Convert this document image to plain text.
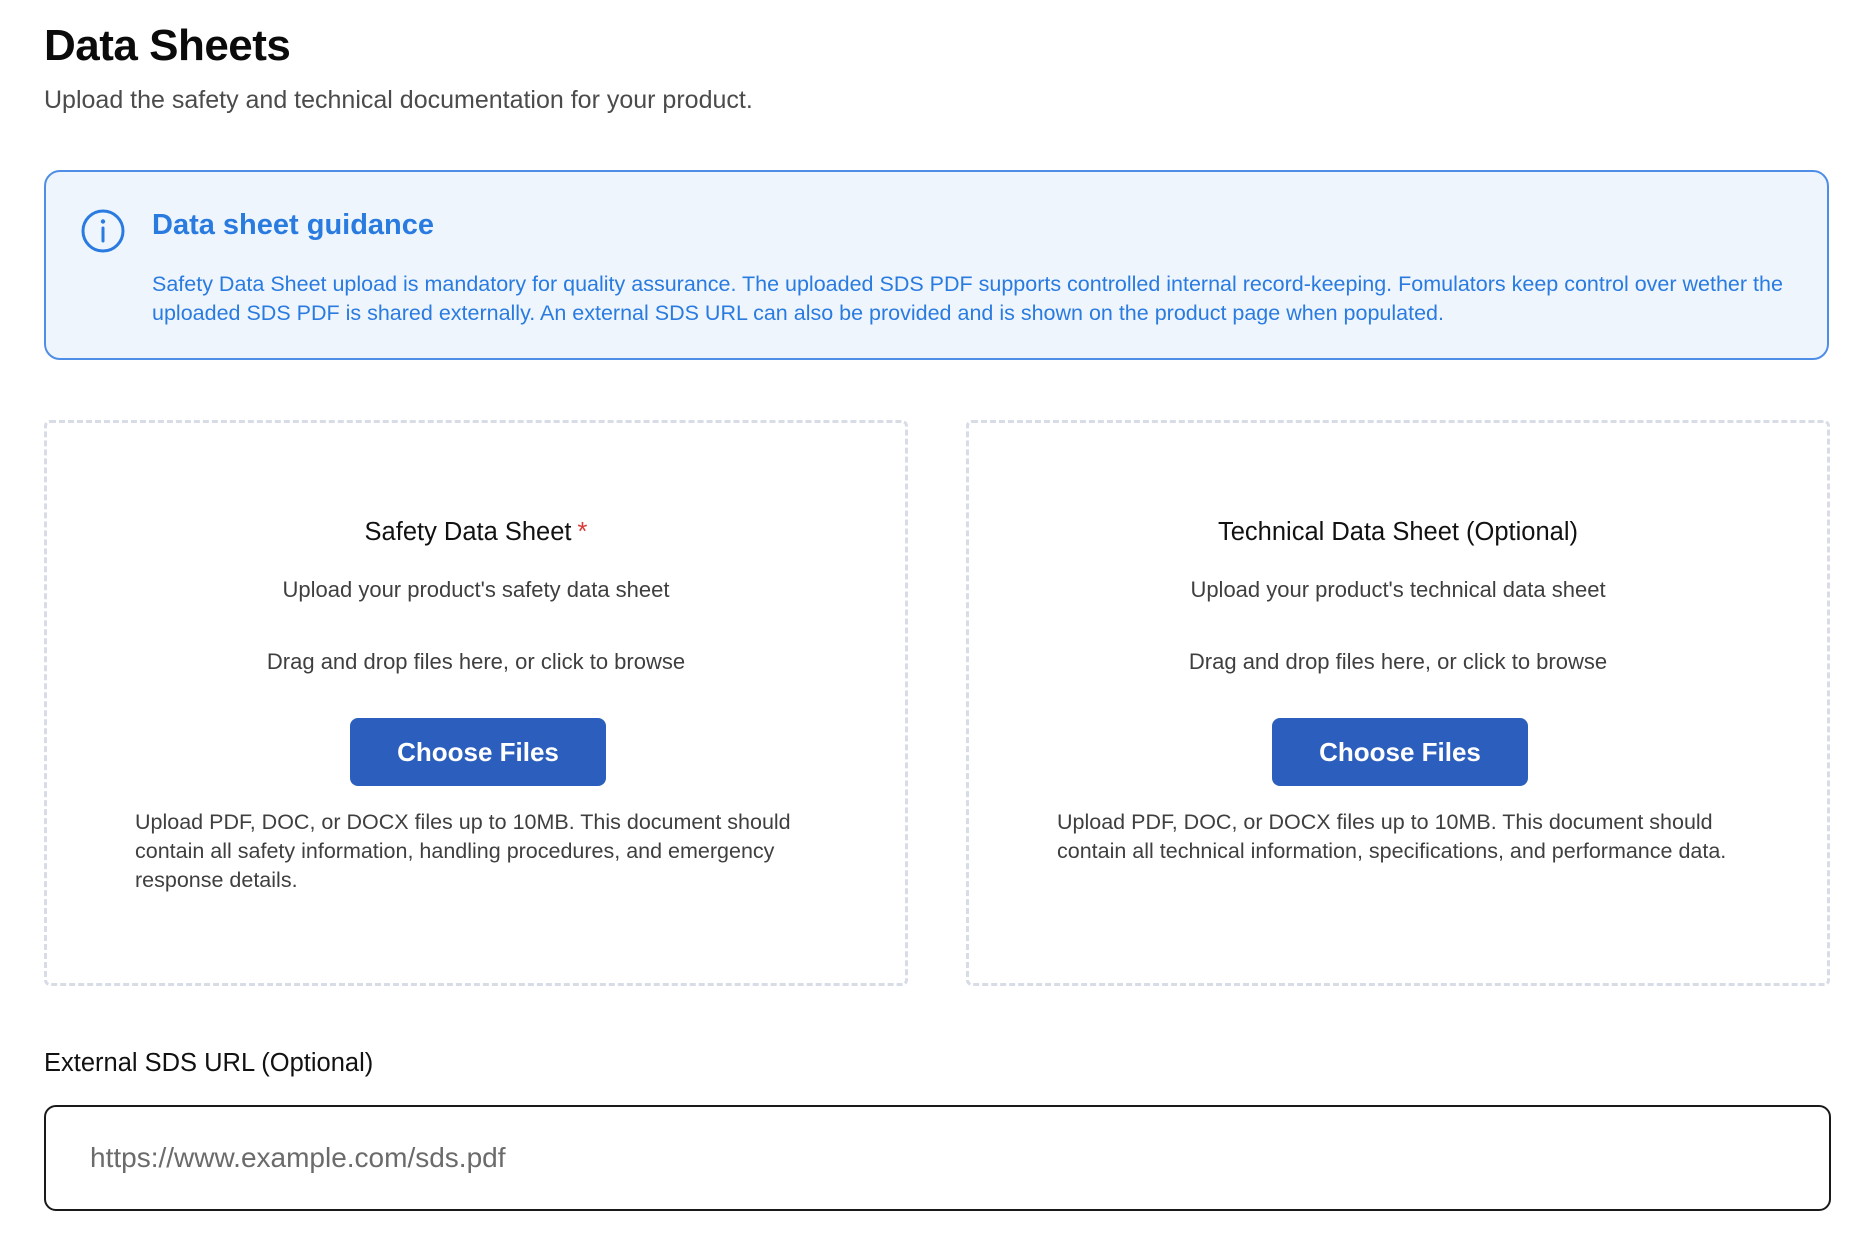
Data Sheets
Upload the safety and technical documentation for your product.
Data sheet guidance
Safety Data Sheet upload is mandatory for quality assurance. The uploaded SDS PDF supports controlled internal record-keeping. Fomulators keep control over wether the uploaded SDS PDF is shared externally. An external SDS URL can also be provided and is shown on the product page when populated.
Safety Data Sheet *
Upload your product's safety data sheet
Drag and drop files here, or click to browse
Choose Files
Upload PDF, DOC, or DOCX files up to 10MB. This document should contain all safety information, handling procedures, and emergency response details.
Technical Data Sheet (Optional)
Upload your product's technical data sheet
Drag and drop files here, or click to browse
Choose Files
Upload PDF, DOC, or DOCX files up to 10MB. This document should contain all technical information, specifications, and performance data.
External SDS URL (Optional)
https://www.example.com/sds.pdf
